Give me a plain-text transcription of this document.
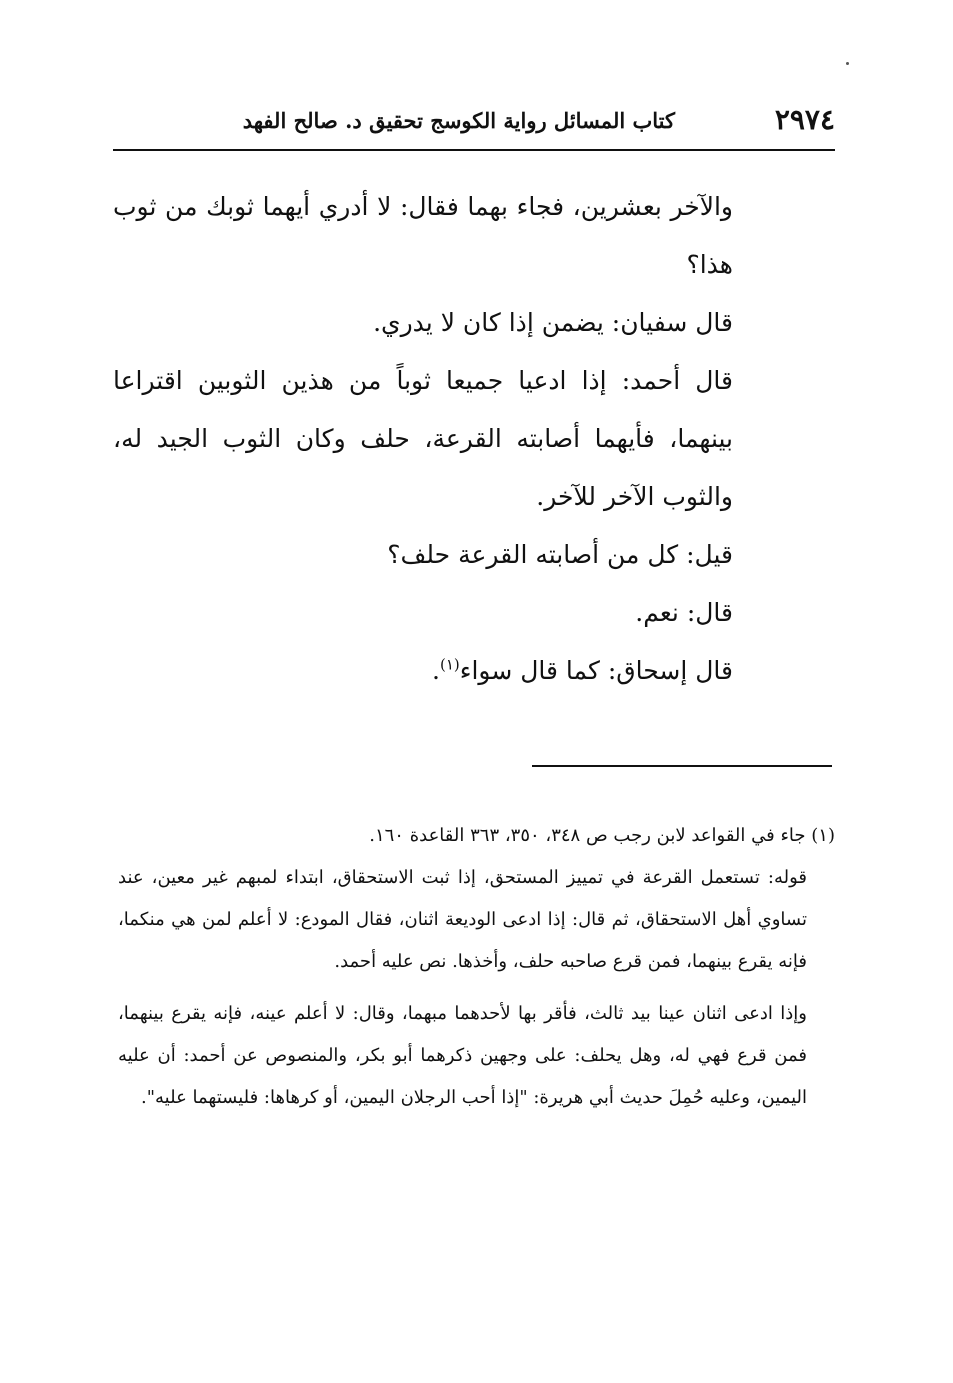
٢٩٧٤
كتاب المسائل رواية الكوسج تحقيق د. صالح الفهد

والآخر بعشرين، فجاء بهما فقال: لا أدري أيهما ثوبك من ثوب هذا؟

قال سفيان: يضمن إذا كان لا يدري.

قال أحمد: إذا ادعيا جميعا ثوباً من هذين الثوبين اقتراعا بينهما، فأيهما أصابته القرعة، حلف وكان الثوب الجيد له، والثوب الآخر للآخر.

قيل: كل من أصابته القرعة حلف؟

قال: نعم.

قال إسحاق: كما قال سواء$^{(١)}$.

(١) جاء في القواعد لابن رجب ص ٣٤٨، ٣٥٠، ٣٦٣ القاعدة ١٦٠.

قوله: تستعمل القرعة في تمييز المستحق، إذا ثبت الاستحقاق، ابتداء لمبهم غير معين، عند تساوي أهل الاستحقاق، ثم قال: إذا ادعى الوديعة اثنان، فقال المودع: لا أعلم لمن هي منكما، فإنه يقرع بينهما، فمن قرع صاحبه حلف، وأخذها. نص عليه أحمد.

وإذا ادعى اثنان عينا بيد ثالث، فأقر بها لأحدهما مبهما، وقال: لا أعلم عينه، فإنه يقرع بينهما، فمن قرع فهي له، وهل يحلف: على وجهين ذكرهما أبو بكر، والمنصوص عن أحمد: أن عليه اليمين، وعليه حُمِلَ حديث أبي هريرة: "إذا أحب الرجلان اليمين، أو كرهاها: فليستهما عليه".
